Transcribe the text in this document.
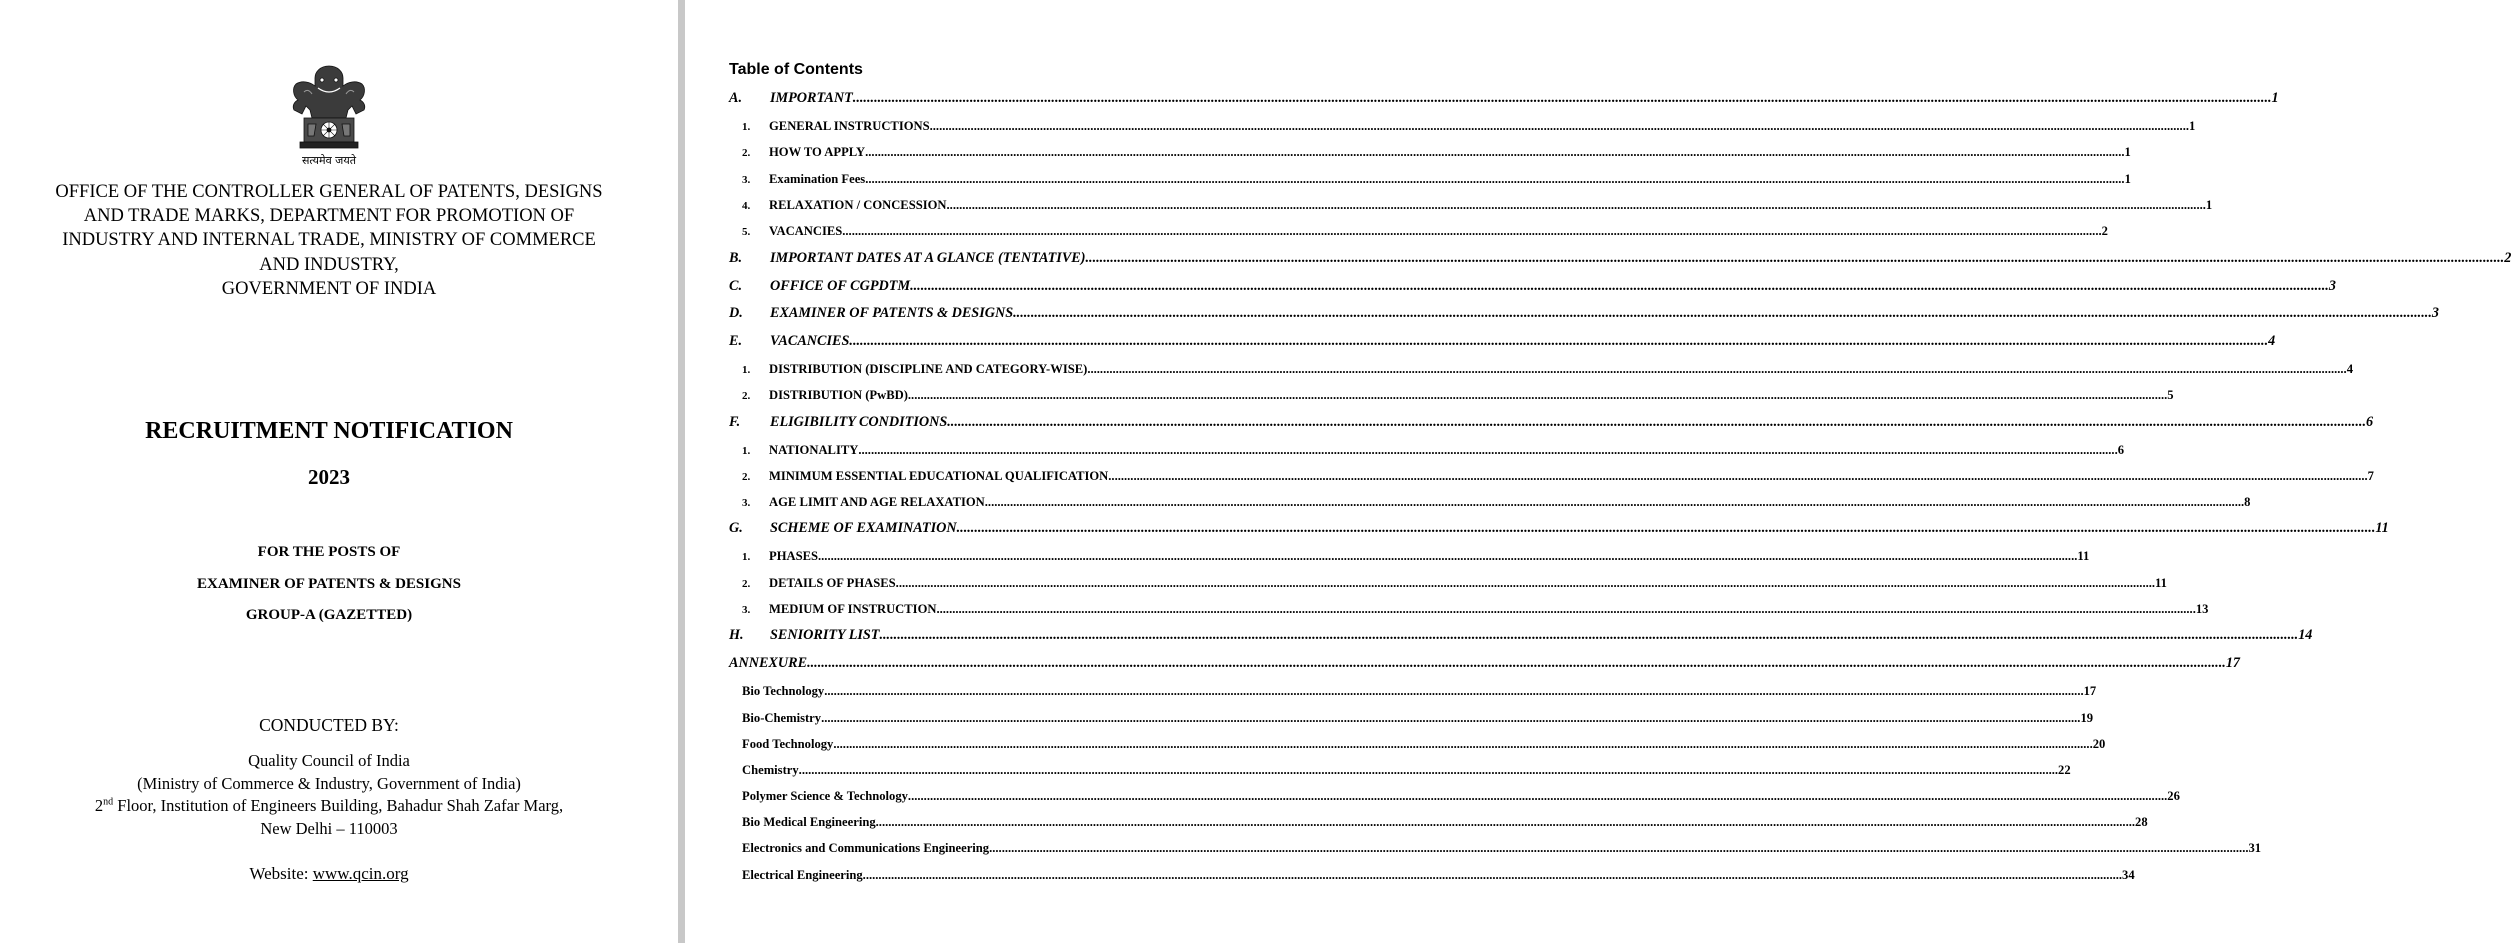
सत्यमेव जयते
OFFICE OF THE CONTROLLER GENERAL OF PATENTS, DESIGNS
AND TRADE MARKS, DEPARTMENT FOR PROMOTION OF
INDUSTRY AND INTERNAL TRADE, MINISTRY OF COMMERCE
AND INDUSTRY,
GOVERNMENT OF INDIA
RECRUITMENT NOTIFICATION
2023
FOR THE POSTS OF
EXAMINER OF PATENTS & DESIGNS
GROUP-A (GAZETTED)
CONDUCTED BY:
Quality Council of India
(Ministry of Commerce & Industry, Government of India)
2nd Floor, Institution of Engineers Building, Bahadur Shah Zafar Marg,
New Delhi – 110003
Website: www.qcin.org
Table of Contents
A.	IMPORTANT ................................................................................................................................................................................................................................................................................................................................................................................................................ 1
1.	GENERAL INSTRUCTIONS ................................................................................................................................................................................................................................................................................................................................................................................................................ 1
2.	HOW TO APPLY ................................................................................................................................................................................................................................................................................................................................................................................................................ 1
3.	Examination Fees ................................................................................................................................................................................................................................................................................................................................................................................................................ 1
4.	RELAXATION / CONCESSION ................................................................................................................................................................................................................................................................................................................................................................................................................ 1
5.	VACANCIES ................................................................................................................................................................................................................................................................................................................................................................................................................ 2
B.	IMPORTANT DATES AT A GLANCE (TENTATIVE) ................................................................................................................................................................................................................................................................................................................................................................................................................ 2
C.	OFFICE OF CGPDTM ................................................................................................................................................................................................................................................................................................................................................................................................................ 3
D.	EXAMINER OF PATENTS & DESIGNS ................................................................................................................................................................................................................................................................................................................................................................................................................ 3
E.	VACANCIES ................................................................................................................................................................................................................................................................................................................................................................................................................ 4
1.	DISTRIBUTION (DISCIPLINE AND CATEGORY-WISE) ................................................................................................................................................................................................................................................................................................................................................................................................................ 4
2.	DISTRIBUTION (PwBD) ................................................................................................................................................................................................................................................................................................................................................................................................................ 5
F.	ELIGIBILITY CONDITIONS ................................................................................................................................................................................................................................................................................................................................................................................................................ 6
1.	NATIONALITY ................................................................................................................................................................................................................................................................................................................................................................................................................ 6
2.	MINIMUM ESSENTIAL EDUCATIONAL QUALIFICATION ................................................................................................................................................................................................................................................................................................................................................................................................................ 7
3.	AGE LIMIT AND AGE RELAXATION ................................................................................................................................................................................................................................................................................................................................................................................................................ 8
G.	SCHEME OF EXAMINATION ................................................................................................................................................................................................................................................................................................................................................................................................................ 11
1.	PHASES ................................................................................................................................................................................................................................................................................................................................................................................................................ 11
2.	DETAILS OF PHASES ................................................................................................................................................................................................................................................................................................................................................................................................................ 11
3.	MEDIUM OF INSTRUCTION ................................................................................................................................................................................................................................................................................................................................................................................................................ 13
H.	SENIORITY LIST ................................................................................................................................................................................................................................................................................................................................................................................................................ 14
ANNEXURE ................................................................................................................................................................................................................................................................................................................................................................................................................ 17
Bio Technology ................................................................................................................................................................................................................................................................................................................................................................................................................ 17
Bio-Chemistry ................................................................................................................................................................................................................................................................................................................................................................................................................ 19
Food Technology ................................................................................................................................................................................................................................................................................................................................................................................................................ 20
Chemistry ................................................................................................................................................................................................................................................................................................................................................................................................................ 22
Polymer Science & Technology ................................................................................................................................................................................................................................................................................................................................................................................................................ 26
Bio Medical Engineering ................................................................................................................................................................................................................................................................................................................................................................................................................ 28
Electronics and Communications Engineering ................................................................................................................................................................................................................................................................................................................................................................................................................ 31
Electrical Engineering ................................................................................................................................................................................................................................................................................................................................................................................................................ 34
